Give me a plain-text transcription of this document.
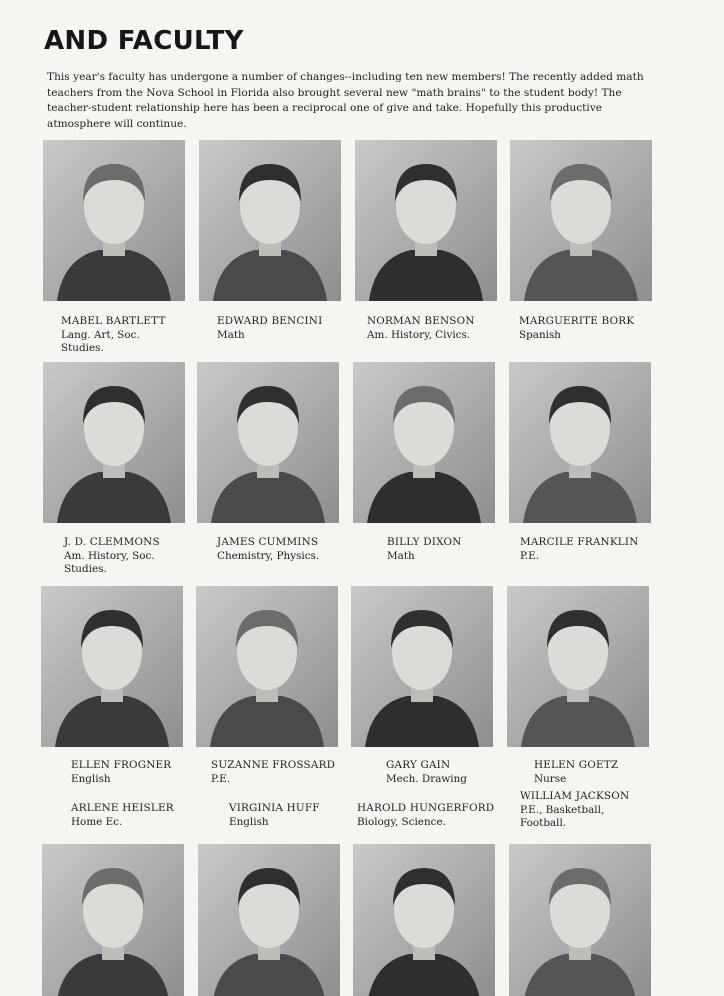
AND FACULTY
This year's faculty has undergone a number of changes--including ten new members! The recently added math teachers from the Nova School in Florida also brought several new "math brains" to the student body! The teacher-student relationship here has been a reciprocal one of give and take. Hopefully this productive atmosphere will continue.
MABEL BARTLETT
Lang. Art, Soc.
Studies.
EDWARD BENCINI
Math
NORMAN BENSON
Am. History, Civics.
MARGUERITE BORK
Spanish
J. D. CLEMMONS
Am. History, Soc.
Studies.
JAMES CUMMINS
Chemistry, Physics.
BILLY DIXON
Math
MARCILE FRANKLIN
P.E.
ELLEN FROGNER
English
SUZANNE FROSSARD
P.E.
GARY GAIN
Mech. Drawing
HELEN GOETZ
Nurse
ARLENE HEISLER
Home Ec.
VIRGINIA HUFF
English
HAROLD HUNGERFORD
Biology, Science.
WILLIAM JACKSON
P.E., Basketball,
Football.
